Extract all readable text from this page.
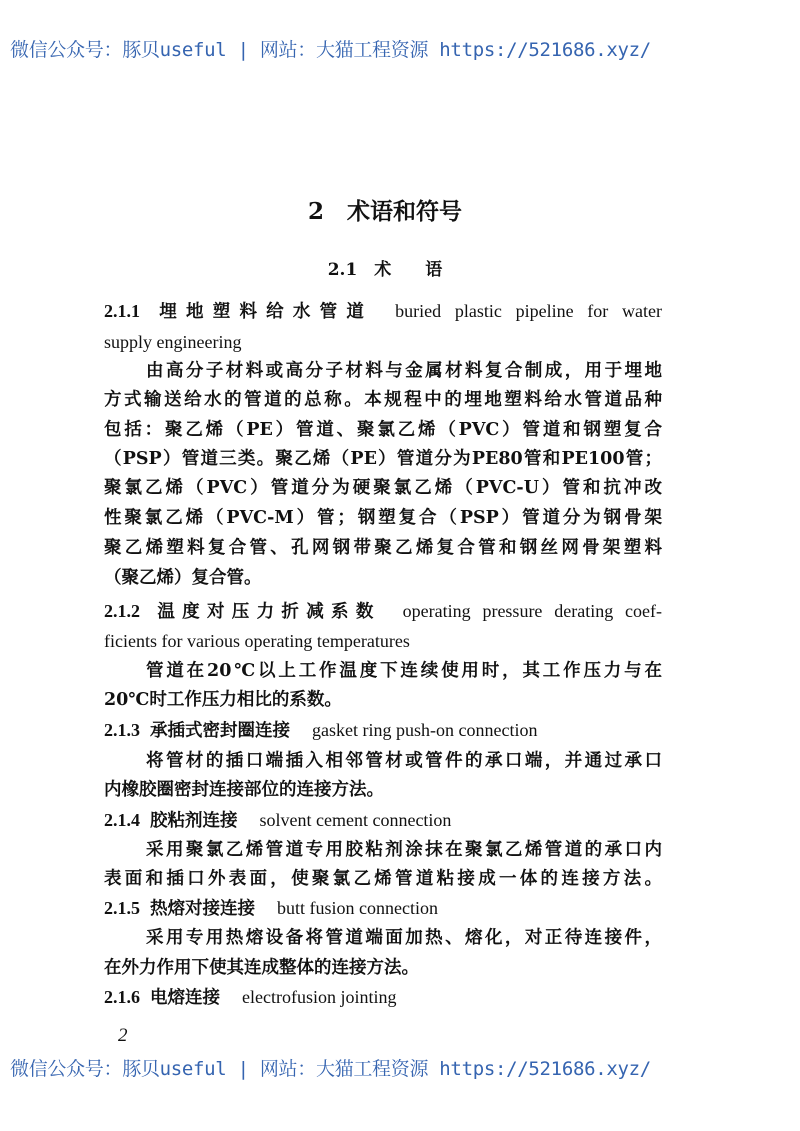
微信公众号：豚贝useful | 网站：大猫工程资源 https://521686.xyz/
2　术语和符号
2.1　术　　语
2.1.1 埋地塑料给水管道 buried plastic pipeline for water
supply engineering
由高分子材料或高分子材料与金属材料复合制成，用于埋地
方式输送给水的管道的总称。本规程中的埋地塑料给水管道品种
包括：聚乙烯（PE）管道、聚氯乙烯（PVC）管道和钢塑复合
（PSP）管道三类。聚乙烯（PE）管道分为PE80管和PE100管；
聚氯乙烯（PVC）管道分为硬聚氯乙烯（PVC-U）管和抗冲改
性聚氯乙烯（PVC-M）管；钢塑复合（PSP）管道分为钢骨架
聚乙烯塑料复合管、孔网钢带聚乙烯复合管和钢丝网骨架塑料
（聚乙烯）复合管。
2.1.2 温度对压力折减系数 operating pressure derating coef-
ficients for various operating temperatures
管道在20℃以上工作温度下连续使用时，其工作压力与在
20℃时工作压力相比的系数。
2.1.3 承插式密封圈连接 gasket ring push-on connection
将管材的插口端插入相邻管材或管件的承口端，并通过承口
内橡胶圈密封连接部位的连接方法。
2.1.4 胶粘剂连接 solvent cement connection
采用聚氯乙烯管道专用胶粘剂涂抹在聚氯乙烯管道的承口内
表面和插口外表面，使聚氯乙烯管道粘接成一体的连接方法。
2.1.5 热熔对接连接 butt fusion connection
采用专用热熔设备将管道端面加热、熔化，对正待连接件，
在外力作用下使其连成整体的连接方法。
2.1.6 电熔连接 electrofusion jointing
2
微信公众号：豚贝useful | 网站：大猫工程资源 https://521686.xyz/
